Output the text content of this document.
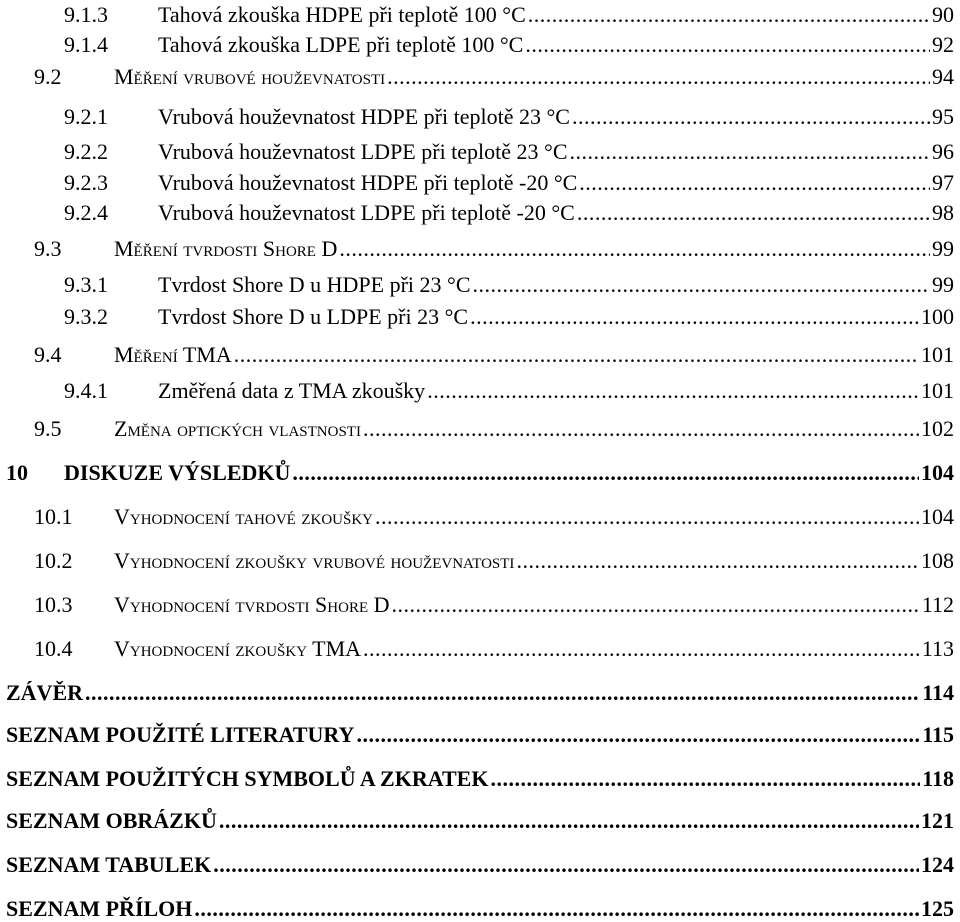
9.1.3	Tahová zkouška HDPE při teplotě 100 °C .....	90
9.1.4	Tahová zkouška LDPE při teplotě 100 °C .....	92
9.2	Měření vrubové houževnatosti .....	94
9.2.1	Vrubová houževnatost HDPE při teplotě 23 °C .....	95
9.2.2	Vrubová houževnatost LDPE při teplotě 23 °C .....	96
9.2.3	Vrubová houževnatost HDPE při teplotě -20 °C .....	97
9.2.4	Vrubová houževnatost LDPE při teplotě -20 °C .....	98
9.3	Měření tvrdosti Shore D .....	99
9.3.1	Tvrdost Shore D u HDPE při 23 °C .....	99
9.3.2	Tvrdost Shore D u LDPE při 23 °C .....	100
9.4	Měření TMA .....	101
9.4.1	Změřená data z TMA zkoušky .....	101
9.5	Změna optických vlastnosti .....	102
10	DISKUZE VÝSLEDKŮ .....	104
10.1	Vyhodnocení tahové zkoušky .....	104
10.2	Vyhodnocení zkoušky vrubové houževnatosti .....	108
10.3	Vyhodnocení tvrdosti Shore D .....	112
10.4	Vyhodnocení zkoušky TMA .....	113
ZÁVĚR .....	114
SEZNAM POUŽITÉ LITERATURY .....	115
SEZNAM POUŽITÝCH SYMBOLŮ A ZKRATEK .....	118
SEZNAM OBRÁZKŮ .....	121
SEZNAM TABULEK .....	124
SEZNAM PŘÍLOH .....	125
